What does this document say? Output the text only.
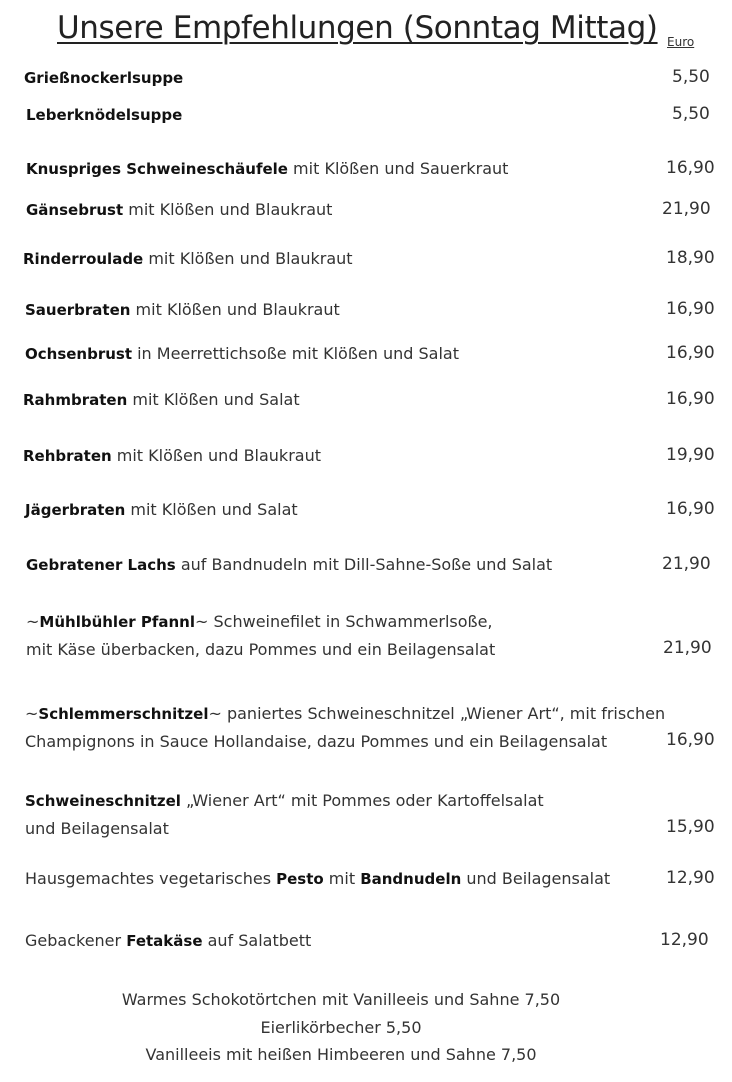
Unsere Empfehlungen (Sonntag Mittag) Euro
Grießnockerlsuppe	5,50
Leberknödelsuppe	5,50
Knuspriges Schweineschäufele mit Klößen und Sauerkraut	16,90
Gänsebrust mit Klößen und Blaukraut	21,90
Rinderroulade mit Klößen und Blaukraut	18,90
Sauerbraten mit Klößen und Blaukraut	16,90
Ochsenbrust in Meerrettichsoße mit Klößen und Salat	16,90
Rahmbraten mit Klößen und Salat	16,90
Rehbraten mit Klößen und Blaukraut	19,90
Jägerbraten mit Klößen und Salat	16,90
Gebratener Lachs auf Bandnudeln mit Dill-Sahne-Soße und Salat	21,90
~Mühlbühler Pfannl~ Schweinefilet in Schwammerlsoße,
mit Käse überbacken, dazu Pommes und ein Beilagensalat	21,90
~Schlemmerschnitzel~ paniertes Schweineschnitzel „Wiener Art“, mit frischen
Champignons in Sauce Hollandaise, dazu Pommes und ein Beilagensalat	16,90
Schweineschnitzel „Wiener Art“ mit Pommes oder Kartoffelsalat
und Beilagensalat	15,90
Hausgemachtes vegetarisches Pesto mit Bandnudeln und Beilagensalat	12,90
Gebackener Fetakäse auf Salatbett	12,90
Warmes Schokotörtchen mit Vanilleeis und Sahne 7,50
Eierlikörbecher 5,50
Vanilleeis mit heißen Himbeeren und Sahne 7,50
